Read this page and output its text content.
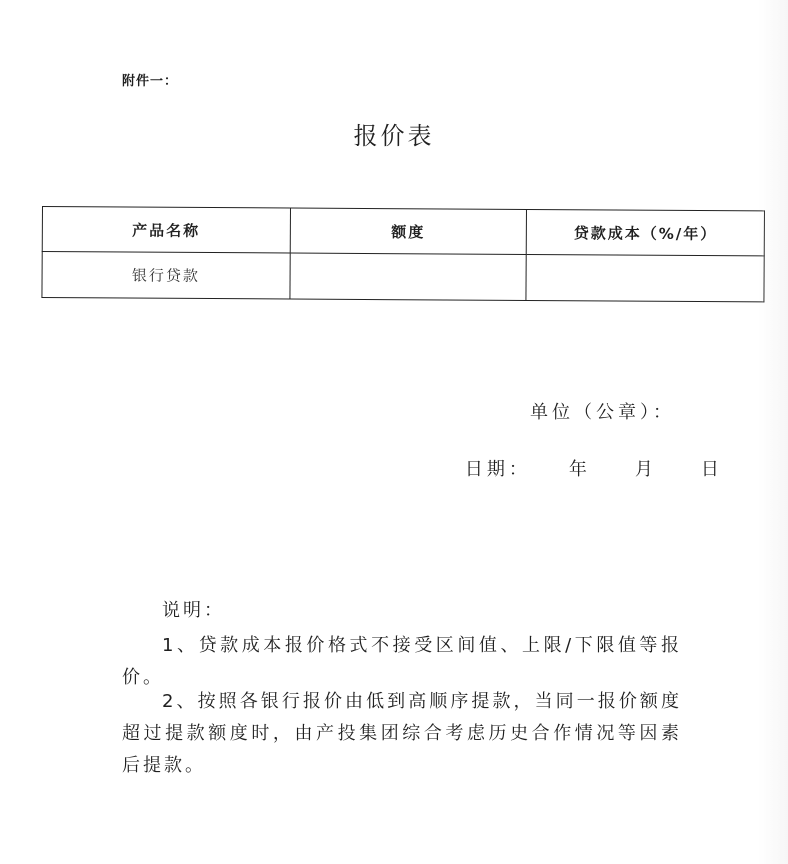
附件一：
报价表
产品名称	额度	贷款成本（%/年）
银行贷款		
单位（公章）：

日期： 年 月 日

说明：
1、贷款成本报价格式不接受区间值、上限/下限值等报价。
2、按照各银行报价由低到高顺序提款，当同一报价额度超过提款额度时，由产投集团综合考虑历史合作情况等因素后提款。
